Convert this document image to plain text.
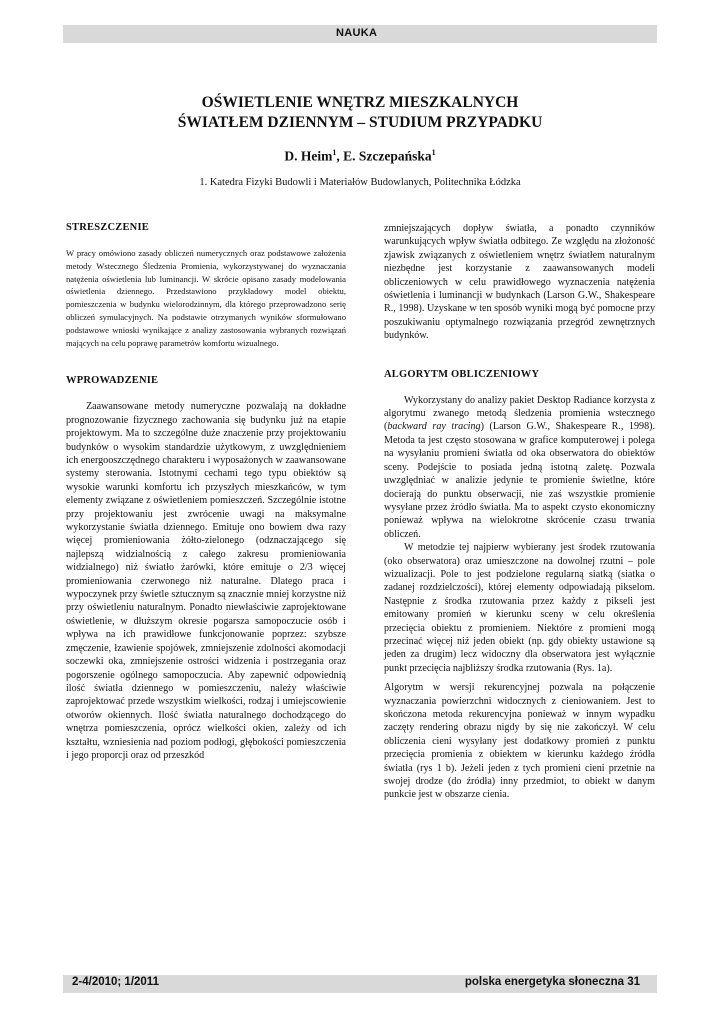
NAUKA
OŚWIETLENIE WNĘTRZ MIESZKALNYCH
ŚWIATŁEM DZIENNYM – STUDIUM PRZYPADKU
D. Heim$^1$, E. Szczepańska$^1$
1. Katedra Fizyki Budowli i Materiałów Budowlanych, Politechnika Łódzka
STRESZCZENIE

W pracy omówiono zasady obliczeń numerycznych oraz podstawowe założenia metody Wstecznego Śledzenia Promienia, wykorzystywanej do wyznaczania natężenia oświetlenia lub luminancji. W skrócie opisano zasady modelowania oświetlenia dziennego. Przedstawiono przykładowy model obiektu, pomieszczenia w budynku wielorodzinnym, dla którego przeprowadzono serię obliczeń symulacyjnych. Na podstawie otrzymanych wyników sformułowano podstawowe wnioski wynikające z analizy zastosowania wybranych rozwiązań mających na celu poprawę parametrów komfortu wizualnego.

WPROWADZENIE

Zaawansowane metody numeryczne pozwalają na dokładne prognozowanie fizycznego zachowania się budynku już na etapie projektowym. Ma to szczególne duże znaczenie przy projektowaniu budynków o wysokim standardzie użytkowym, z uwzględnieniem ich energooszczędnego charakteru i wyposażonych w zaawansowane systemy sterowania. Istotnymi cechami tego typu obiektów są wysokie warunki komfortu ich przyszłych mieszkańców, w tym elementy związane z oświetleniem pomieszczeń. Szczególnie istotne przy projektowaniu jest zwrócenie uwagi na maksymalne wykorzystanie światła dziennego. Emituje ono bowiem dwa razy więcej promieniowania żółto-zielonego (odznaczającego się najlepszą widzialnością z całego zakresu promieniowania widzialnego) niż światło żarówki, które emituje o 2/3 więcej promieniowania czerwonego niż naturalne. Dlatego praca i wypoczynek przy świetle sztucznym są znacznie mniej korzystne niż przy oświetleniu naturalnym. Ponadto niewłaściwie zaprojektowane oświetlenie, w dłuższym okresie pogarsza samopoczucie osób i wpływa na ich prawidłowe funkcjonowanie poprzez: szybsze zmęczenie, łzawienie spojówek, zmniejszenie zdolności akomodacji soczewki oka, zmniejszenie ostrości widzenia i postrzegania oraz pogorszenie ogólnego samopoczucia. Aby zapewnić odpowiednią ilość światła dziennego w pomieszczeniu, należy właściwie zaprojektować przede wszystkim wielkości, rodzaj i umiejscowienie otworów okiennych. Ilość światła naturalnego dochodzącego do wnętrza pomieszczenia, oprócz wielkości okien, zależy od ich kształtu, wzniesienia nad poziom podłogi, głębokości pomieszczenia i jego proporcji oraz od przeszkód

zmniejszających dopływ światła, a ponadto czynników warunkujących wpływ światła odbitego. Ze względu na złożoność zjawisk związanych z oświetleniem wnętrz światłem naturalnym niezbędne jest korzystanie z zaawansowanych modeli obliczeniowych w celu prawidłowego wyznaczenia natężenia oświetlenia i luminancji w budynkach (Larson G.W., Shakespeare R., 1998). Uzyskane w ten sposób wyniki mogą być pomocne przy poszukiwaniu optymalnego rozwiązania przegród zewnętrznych budynków.

ALGORYTM OBLICZENIOWY

Wykorzystany do analizy pakiet Desktop Radiance korzysta z algorytmu zwanego metodą śledzenia promienia wstecznego (backward ray tracing) (Larson G.W., Shakespeare R., 1998). Metoda ta jest często stosowana w grafice komputerowej i polega na wysyłaniu promieni światła od oka obserwatora do obiektów sceny. Podejście to posiada jedną istotną zaletę. Pozwala uwzględniać w analizie jedynie te promienie świetlne, które docierają do punktu obserwacji, nie zaś wszystkie promienie wysyłane przez źródło światła. Ma to aspekt czysto ekonomiczny ponieważ wpływa na wielokrotne skrócenie czasu trwania obliczeń.

W metodzie tej najpierw wybierany jest środek rzutowania (oko obserwatora) oraz umieszczone na dowolnej rzutni – pole wizualizacji. Pole to jest podzielone regularną siatką (siatka o zadanej rozdzielczości), której elementy odpowiadają pikselom. Następnie z środka rzutowania przez każdy z pikseli jest emitowany promień w kierunku sceny w celu określenia przecięcia obiektu z promieniem. Niektóre z promieni mogą przecinać więcej niż jeden obiekt (np. gdy obiekty ustawione są jeden za drugim) lecz widoczny dla obserwatora jest wyłącznie punkt przecięcia najbliższy środka rzutowania (Rys. 1a).

Algorytm w wersji rekurencyjnej pozwala na połączenie wyznaczania powierzchni widocznych z cieniowaniem. Jest to skończona metoda rekurencyjna ponieważ w innym wypadku zaczęty rendering obrazu nigdy by się nie zakończył. W celu obliczenia cieni wysyłany jest dodatkowy promień z punktu przecięcia promienia z obiektem w kierunku każdego źródła światła (rys 1 b). Jeżeli jeden z tych promieni cieni przetnie na swojej drodze (do źródła) inny przedmiot, to obiekt w danym punkcie jest w obszarze cienia.

2-4/2010; 1/2011	polska energetyka słoneczna 31
